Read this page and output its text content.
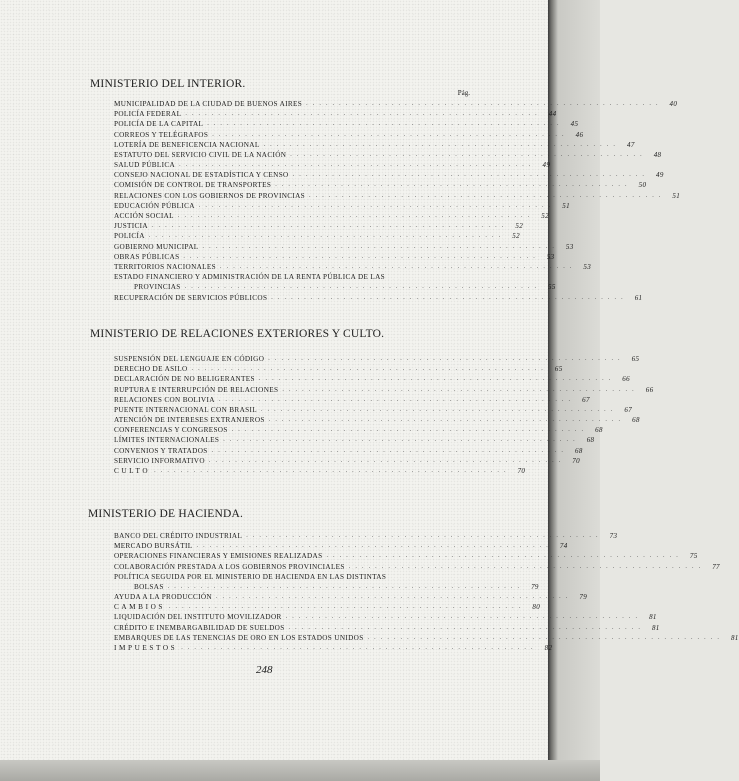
MINISTERIO DEL INTERIOR.
Pág.
MUNICIPALIDAD DE LA CIUDAD DE BUENOS AIRES . . . . . . . . . . . . . . . . . . . . . . . . . . . . . . . . . . . . . . . . . . . . . . . . . . . . . .	40
POLICÍA FEDERAL . . . . . . . . . . . . . . . . . . . . . . . . . . . . . . . . . . . . . . . . . . . . . . . . . . . . . .	44
POLICÍA DE LA CAPITAL . . . . . . . . . . . . . . . . . . . . . . . . . . . . . . . . . . . . . . . . . . . . . . . . . . . . . .	45
CORREOS Y TELÉGRAFOS . . . . . . . . . . . . . . . . . . . . . . . . . . . . . . . . . . . . . . . . . . . . . . . . . . . . . .	46
LOTERÍA DE BENEFICENCIA NACIONAL . . . . . . . . . . . . . . . . . . . . . . . . . . . . . . . . . . . . . . . . . . . . . . . . . . . . . .	47
ESTATUTO DEL SERVICIO CIVIL DE LA NACIÓN . . . . . . . . . . . . . . . . . . . . . . . . . . . . . . . . . . . . . . . . . . . . . . . . . . . . . .	48
SALUD PÚBLICA . . . . . . . . . . . . . . . . . . . . . . . . . . . . . . . . . . . . . . . . . . . . . . . . . . . . . .	49
CONSEJO NACIONAL DE ESTADÍSTICA Y CENSO . . . . . . . . . . . . . . . . . . . . . . . . . . . . . . . . . . . . . . . . . . . . . . . . . . . . . .	49
COMISIÓN DE CONTROL DE TRANSPORTES . . . . . . . . . . . . . . . . . . . . . . . . . . . . . . . . . . . . . . . . . . . . . . . . . . . . . .	50
RELACIONES CON LOS GOBIERNOS DE PROVINCIAS . . . . . . . . . . . . . . . . . . . . . . . . . . . . . . . . . . . . . . . . . . . . . . . . . . . . . .	51
EDUCACIÓN PÚBLICA . . . . . . . . . . . . . . . . . . . . . . . . . . . . . . . . . . . . . . . . . . . . . . . . . . . . . .	51
ACCIÓN SOCIAL . . . . . . . . . . . . . . . . . . . . . . . . . . . . . . . . . . . . . . . . . . . . . . . . . . . . . .	52
JUSTICIA . . . . . . . . . . . . . . . . . . . . . . . . . . . . . . . . . . . . . . . . . . . . . . . . . . . . . .	52
POLICÍA . . . . . . . . . . . . . . . . . . . . . . . . . . . . . . . . . . . . . . . . . . . . . . . . . . . . . .	52
GOBIERNO MUNICIPAL . . . . . . . . . . . . . . . . . . . . . . . . . . . . . . . . . . . . . . . . . . . . . . . . . . . . . .	53
OBRAS PÚBLICAS . . . . . . . . . . . . . . . . . . . . . . . . . . . . . . . . . . . . . . . . . . . . . . . . . . . . . .	53
TERRITORIOS NACIONALES . . . . . . . . . . . . . . . . . . . . . . . . . . . . . . . . . . . . . . . . . . . . . . . . . . . . . .	53
ESTADO FINANCIERO Y ADMINISTRACIÓN DE LA RENTA PÚBLICA DE LAS
PROVINCIAS . . . . . . . . . . . . . . . . . . . . . . . . . . . . . . . . . . . . . . . . . . . . . . . . . . . . . .	55
RECUPERACIÓN DE SERVICIOS PÚBLICOS . . . . . . . . . . . . . . . . . . . . . . . . . . . . . . . . . . . . . . . . . . . . . . . . . . . . . .	61
MINISTERIO DE RELACIONES EXTERIORES Y CULTO.
SUSPENSIÓN DEL LENGUAJE EN CÓDIGO . . . . . . . . . . . . . . . . . . . . . . . . . . . . . . . . . . . . . . . . . . . . . . . . . . . . . .	65
DERECHO DE ASILO . . . . . . . . . . . . . . . . . . . . . . . . . . . . . . . . . . . . . . . . . . . . . . . . . . . . . .	65
DECLARACIÓN DE NO BELIGERANTES . . . . . . . . . . . . . . . . . . . . . . . . . . . . . . . . . . . . . . . . . . . . . . . . . . . . . .	66
RUPTURA E INTERRUPCIÓN DE RELACIONES . . . . . . . . . . . . . . . . . . . . . . . . . . . . . . . . . . . . . . . . . . . . . . . . . . . . . .	66
RELACIONES CON BOLIVIA . . . . . . . . . . . . . . . . . . . . . . . . . . . . . . . . . . . . . . . . . . . . . . . . . . . . . .	67
PUENTE INTERNACIONAL CON BRASIL . . . . . . . . . . . . . . . . . . . . . . . . . . . . . . . . . . . . . . . . . . . . . . . . . . . . . .	67
ATENCIÓN DE INTERESES EXTRANJEROS . . . . . . . . . . . . . . . . . . . . . . . . . . . . . . . . . . . . . . . . . . . . . . . . . . . . . .	68
CONFERENCIAS Y CONGRESOS . . . . . . . . . . . . . . . . . . . . . . . . . . . . . . . . . . . . . . . . . . . . . . . . . . . . . .	68
LÍMITES INTERNACIONALES . . . . . . . . . . . . . . . . . . . . . . . . . . . . . . . . . . . . . . . . . . . . . . . . . . . . . .	68
CONVENIOS Y TRATADOS . . . . . . . . . . . . . . . . . . . . . . . . . . . . . . . . . . . . . . . . . . . . . . . . . . . . . .	68
SERVICIO INFORMATIVO . . . . . . . . . . . . . . . . . . . . . . . . . . . . . . . . . . . . . . . . . . . . . . . . . . . . . .	70
CULTO . . . . . . . . . . . . . . . . . . . . . . . . . . . . . . . . . . . . . . . . . . . . . . . . . . . . . .	70
MINISTERIO DE HACIENDA.
BANCO DEL CRÉDITO INDUSTRIAL . . . . . . . . . . . . . . . . . . . . . . . . . . . . . . . . . . . . . . . . . . . . . . . . . . . . . .	73
MERCADO BURSÁTIL . . . . . . . . . . . . . . . . . . . . . . . . . . . . . . . . . . . . . . . . . . . . . . . . . . . . . .	74
OPERACIONES FINANCIERAS Y EMISIONES REALIZADAS . . . . . . . . . . . . . . . . . . . . . . . . . . . . . . . . . . . . . . . . . . . . . . . . . . . . . .	75
COLABORACIÓN PRESTADA A LOS GOBIERNOS PROVINCIALES . . . . . . . . . . . . . . . . . . . . . . . . . . . . . . . . . . . . . . . . . . . . . . . . . . . . . .	77
POLÍTICA SEGUIDA POR EL MINISTERIO DE HACIENDA EN LAS DISTINTAS
BOLSAS . . . . . . . . . . . . . . . . . . . . . . . . . . . . . . . . . . . . . . . . . . . . . . . . . . . . . .	79
AYUDA A LA PRODUCCIÓN . . . . . . . . . . . . . . . . . . . . . . . . . . . . . . . . . . . . . . . . . . . . . . . . . . . . . .	79
CAMBIOS . . . . . . . . . . . . . . . . . . . . . . . . . . . . . . . . . . . . . . . . . . . . . . . . . . . . . .	80
LIQUIDACIÓN DEL INSTITUTO MOVILIZADOR . . . . . . . . . . . . . . . . . . . . . . . . . . . . . . . . . . . . . . . . . . . . . . . . . . . . . .	81
CRÉDITO E INEMBARGABILIDAD DE SUELDOS . . . . . . . . . . . . . . . . . . . . . . . . . . . . . . . . . . . . . . . . . . . . . . . . . . . . . .	81
EMBARQUES DE LAS TENENCIAS DE ORO EN LOS ESTADOS UNIDOS . . . . . . . . . . . . . . . . . . . . . . . . . . . . . . . . . . . . . . . . . . . . . . . . . . . . . .	81
IMPUESTOS . . . . . . . . . . . . . . . . . . . . . . . . . . . . . . . . . . . . . . . . . . . . . . . . . . . . . .	82
248
